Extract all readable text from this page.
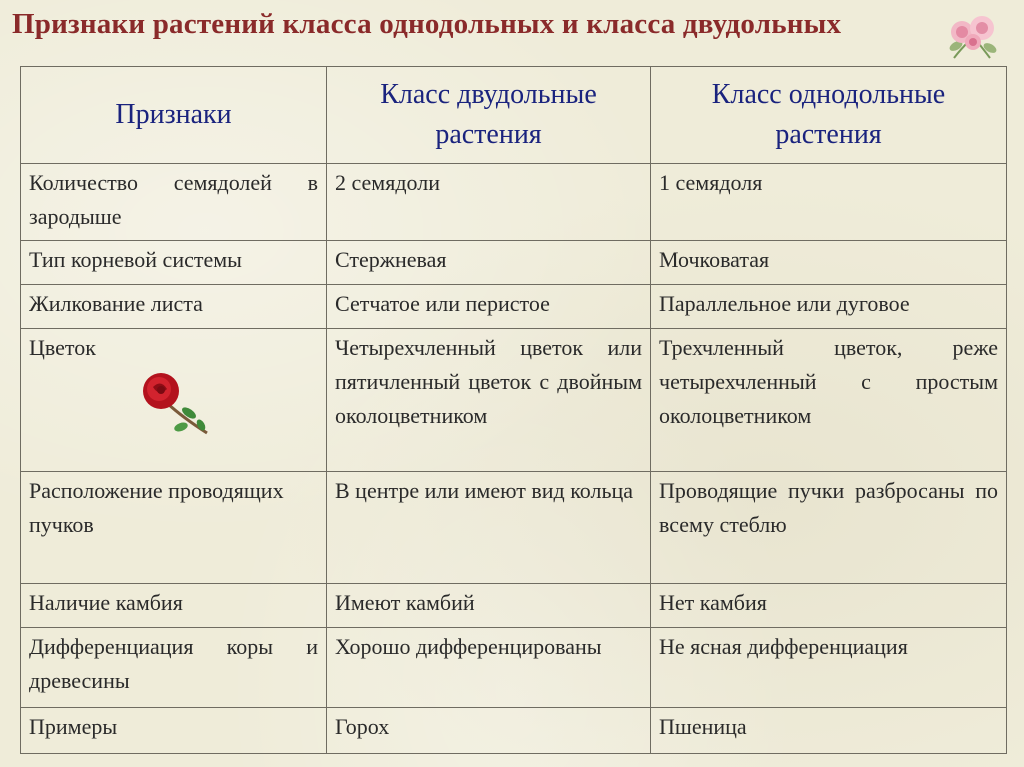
Признаки растений класса однодольных и класса двудольных
Признаки	Класс двудольные растения	Класс однодольные растения
Количество семядолей в зародыше	2 семядоли	1 семядоля
Тип корневой системы	Стержневая	Мочковатая
Жилкование листа	Сетчатое или перистое	Параллельное или дуговое
Цветок	Четырехчленный цветок или пятичленный цветок с двойным околоцветником	Трехчленный цветок, реже четырехчленный с простым околоцветником
Расположение проводящих пучков	В центре или имеют вид кольца	Проводящие пучки разбросаны по всему стеблю
Наличие камбия	Имеют камбий	Нет камбия
Дифференциация коры и древесины	Хорошо дифференцированы	Не ясная дифференциация
Примеры	Горох	Пшеница
